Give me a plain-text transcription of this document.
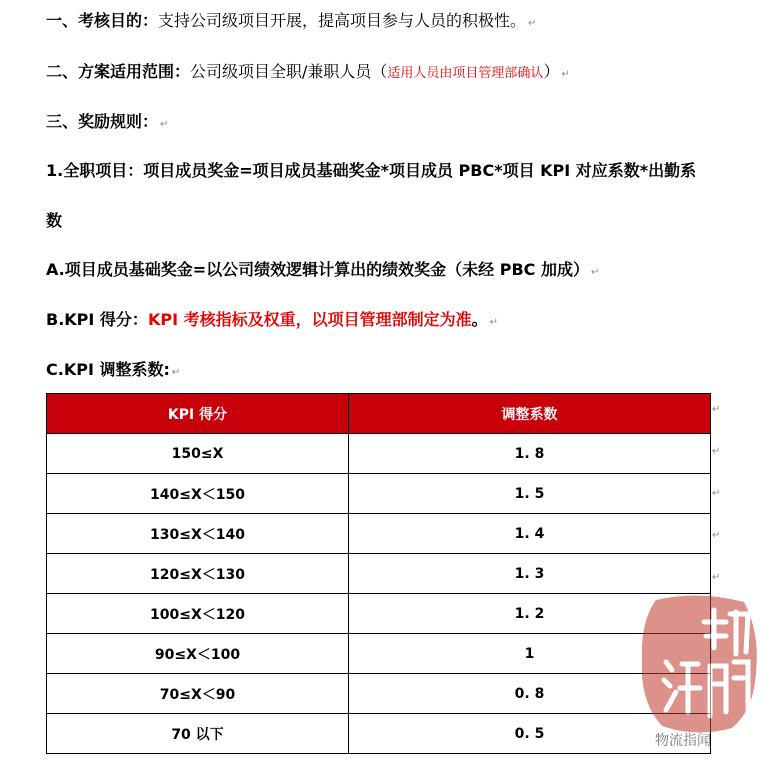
一、考核目的：支持公司级项目开展，提高项目参与人员的积极性。 ↵
二、方案适用范围：公司级项目全职/兼职人员（适用人员由项目管理部确认） ↵
三、奖励规则： ↵
1.全职项目：项目成员奖金=项目成员基础奖金*项目成员 PBC*项目 KPI 对应系数*出勤系
数
A.项目成员基础奖金=以公司绩效逻辑计算出的绩效奖金（未经 PBC 加成） ↵
B.KPI 得分：KPI 考核指标及权重，以项目管理部制定为准。 ↵
C.KPI 调整系数: ↵
KPI 得分	调整系数
150≤X	1. 8
140≤X＜150	1. 5
130≤X＜140	1. 4
120≤X＜130	1. 3
100≤X＜120	1. 2
90≤X＜100	1
70≤X＜90	0. 8
70 以下	0. 5
↵
↵
↵
↵
↵
物流指闻
